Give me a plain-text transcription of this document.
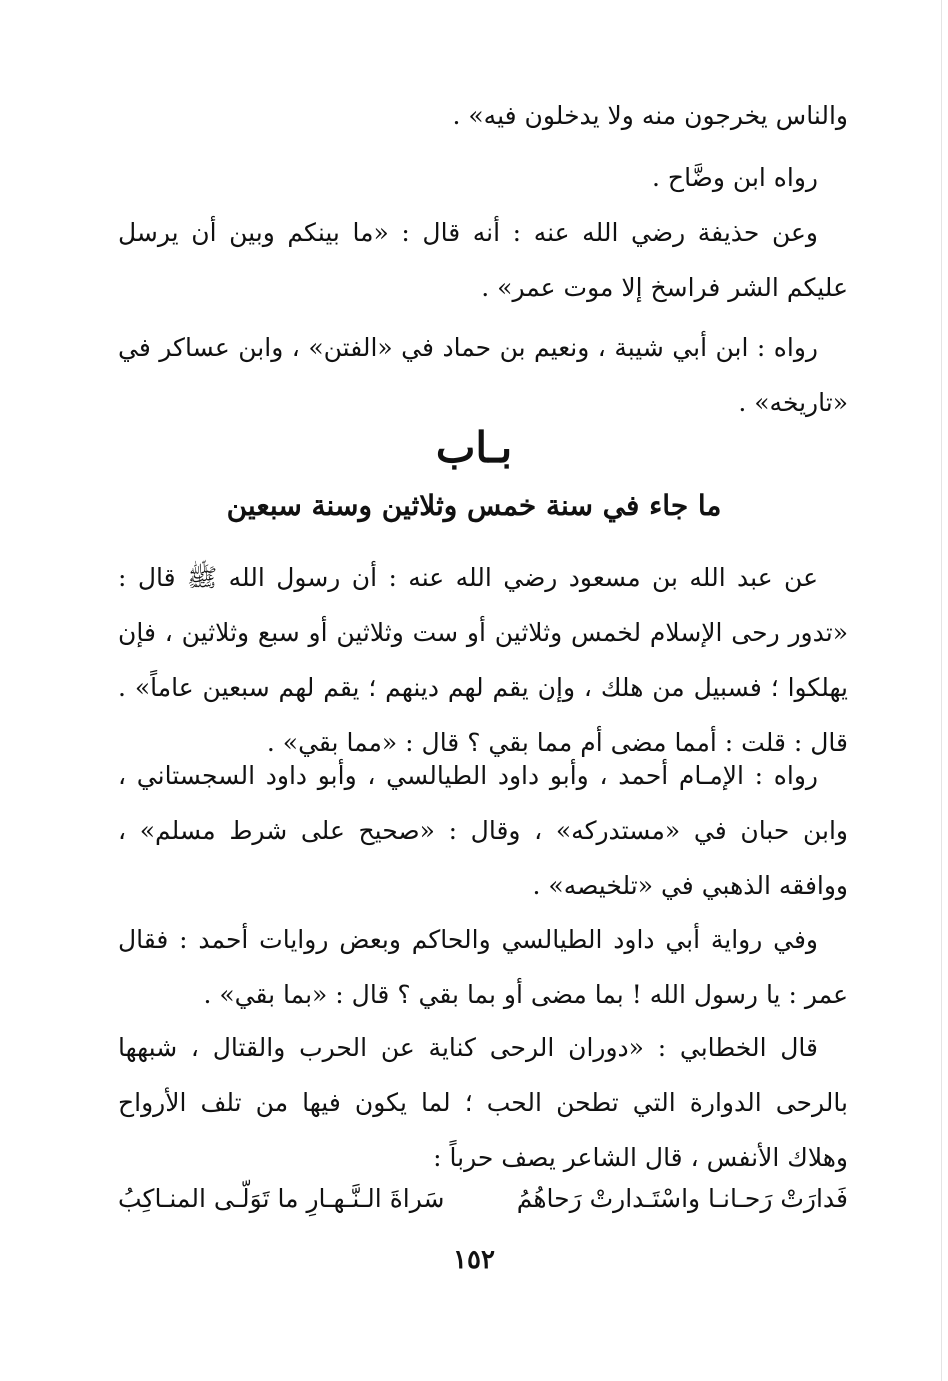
والناس يخرجون منه ولا يدخلون فيه» .

رواه ابن وضَّاح .

وعن حذيفة رضي الله عنه : أنه قال : «ما بينكم وبين أن يرسل عليكم الشر فراسخ إلا موت عمر» .

رواه : ابن أبي شيبة ، ونعيم بن حماد في «الفتن» ، وابن عساكر في «تاريخه» .

بـاب
ما جاء في سنة خمس وثلاثين وسنة سبعين

عن عبد الله بن مسعود رضي الله عنه : أن رسول الله ﷺ قال : «تدور رحى الإسلام لخمس وثلاثين أو ست وثلاثين أو سبع وثلاثين ، فإن يهلكوا ؛ فسبيل من هلك ، وإن يقم لهم دينهم ؛ يقم لهم سبعين عاماً» . قال : قلت : أمما مضى أم مما بقي ؟ قال : «مما بقي» .

رواه : الإمـام أحمد ، وأبو داود الطيالسي ، وأبو داود السجستاني ، وابن حبان في «مستدركه» ، وقال : «صحيح على شرط مسلم» ، ووافقه الذهبي في «تلخيصه» .

وفي رواية أبي داود الطيالسي والحاكم وبعض روايات أحمد : فقال عمر : يا رسول الله ! بما مضى أو بما بقي ؟ قال : «بما بقي» .

قال الخطابي : «دوران الرحى كناية عن الحرب والقتال ، شبهها بالرحى الدوارة التي تطحن الحب ؛ لما يكون فيها من تلف الأرواح وهلاك الأنفس ، قال الشاعر يصف حرباً :

فَدارَتْ رَحـانـا واسْتَـدارتْ رَحاهُمُ
سَراةَ الـنَّـهـارِ ما تَوَلّـى المنـاكِبُ
١٥٢
